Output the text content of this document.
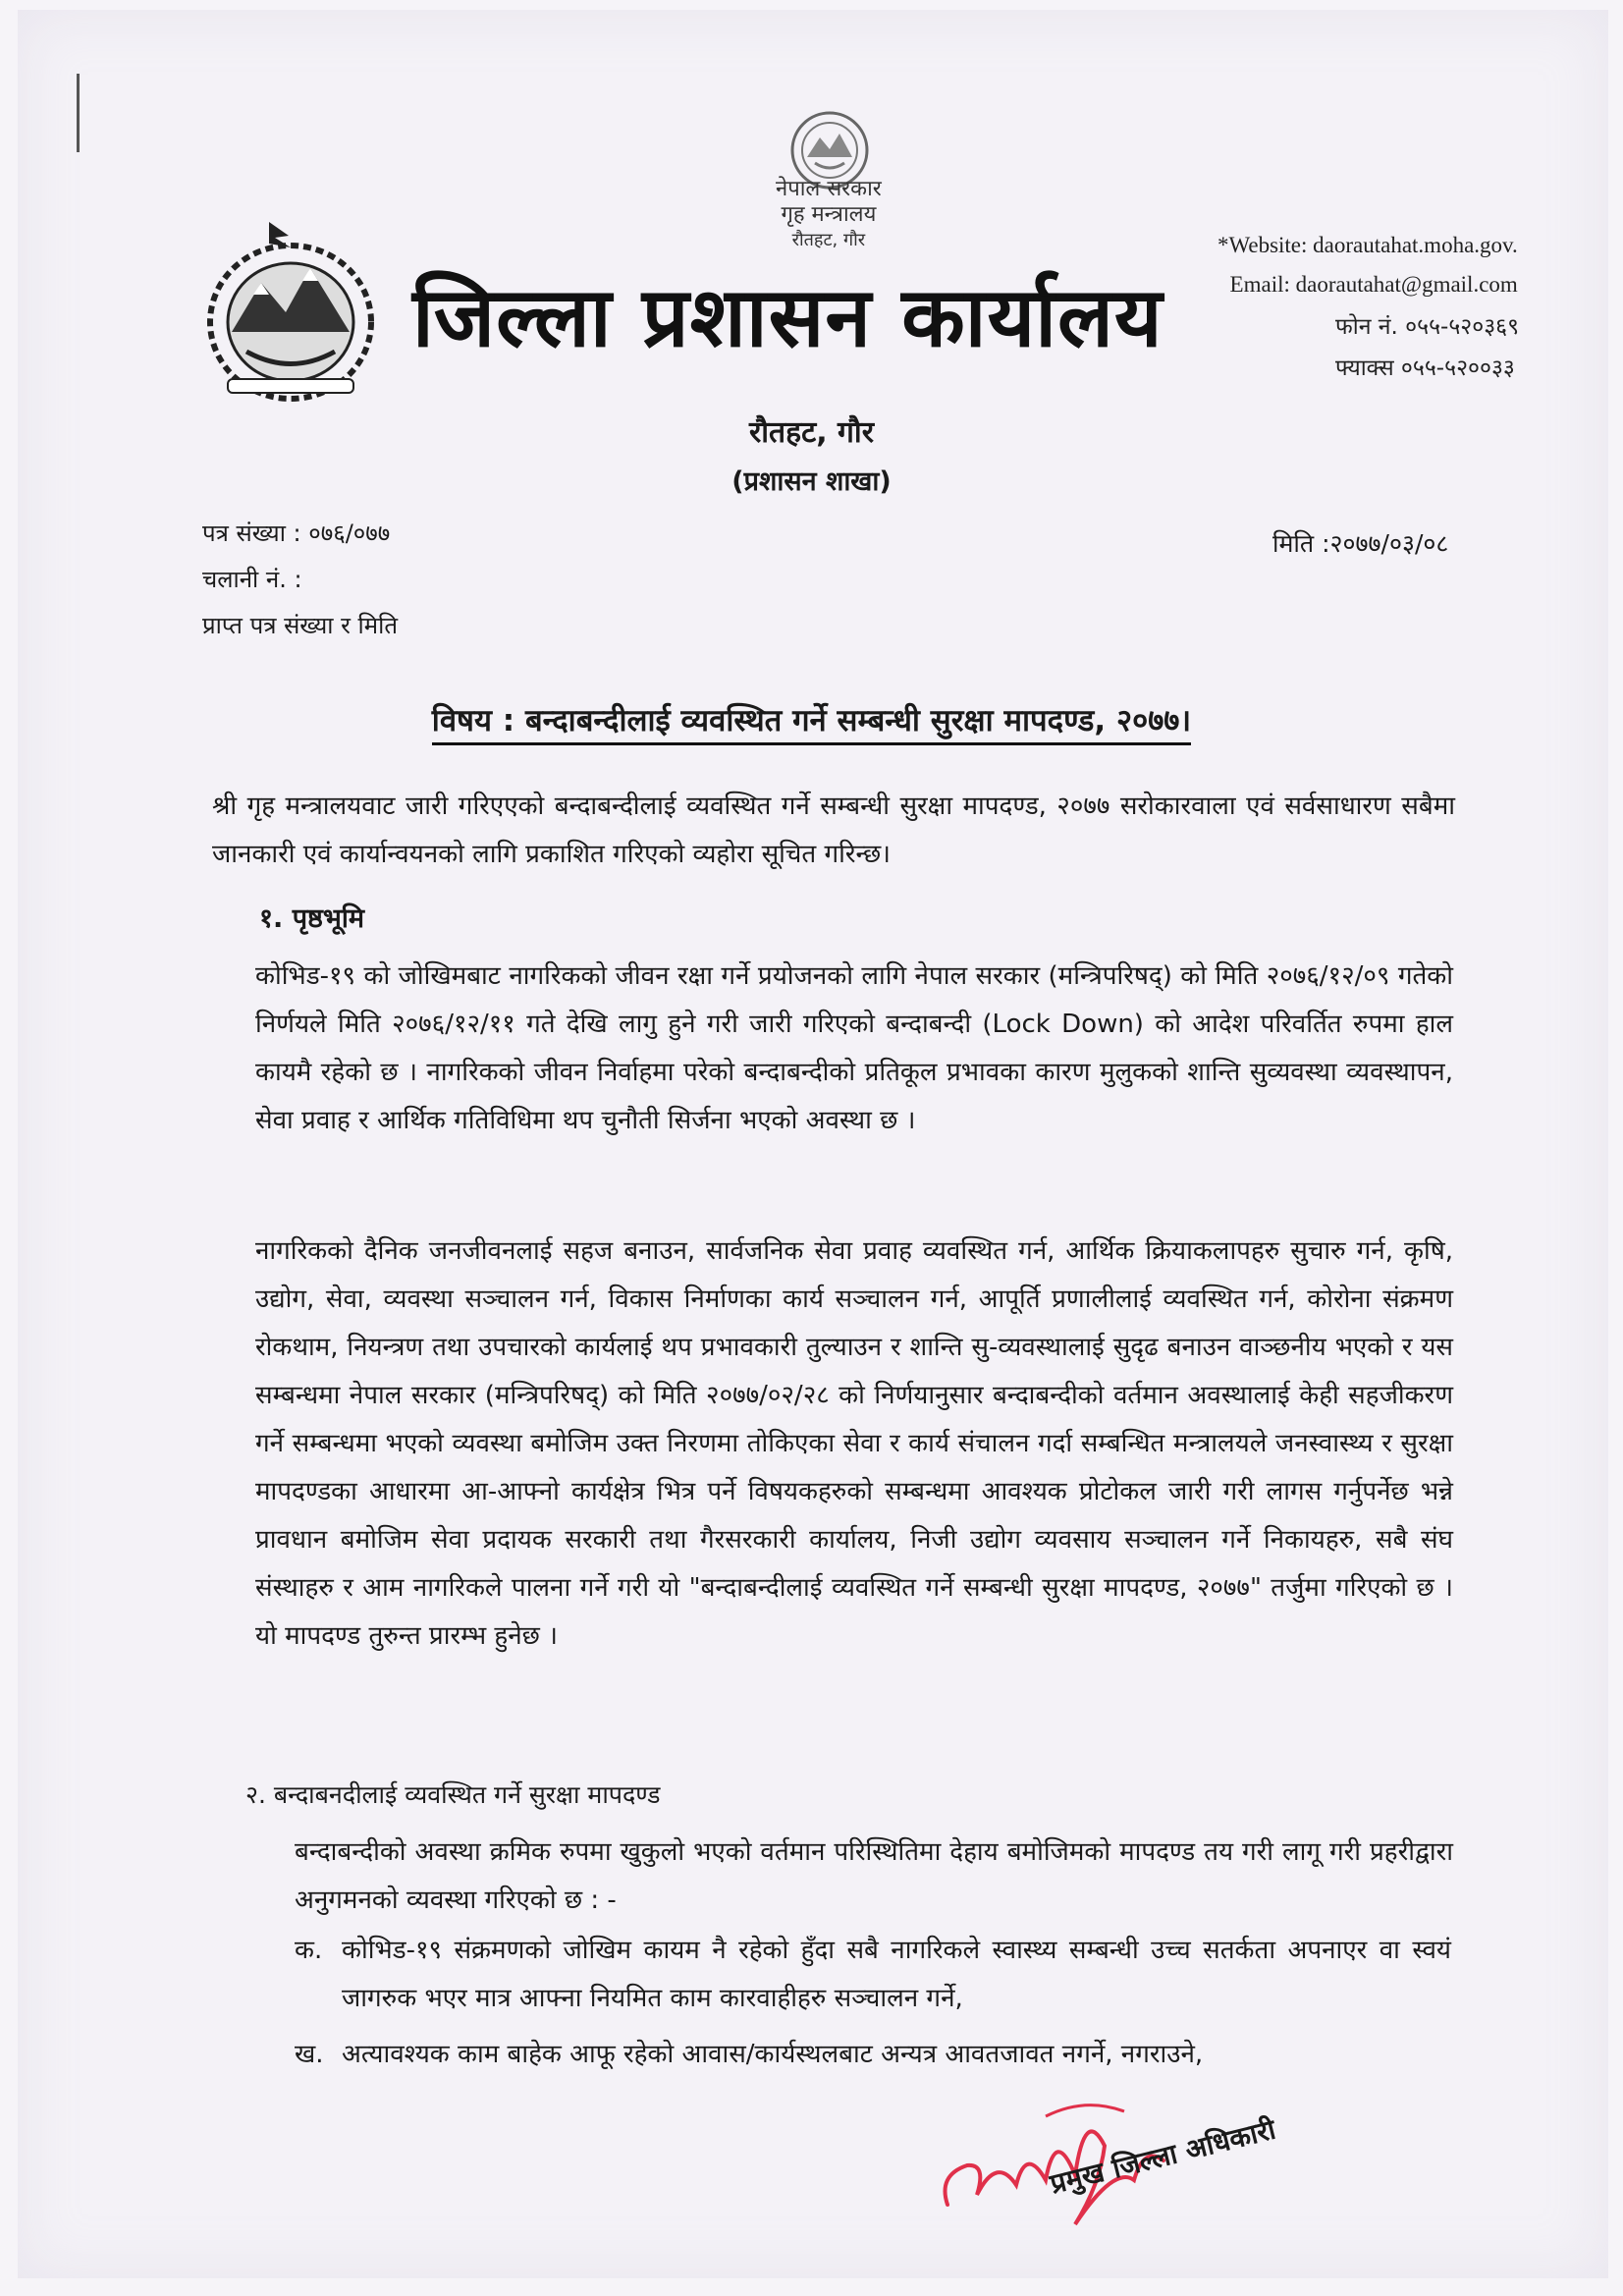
नेपाल सरकार
गृह मन्त्रालय
रौतहट, गौर
जिल्ला प्रशासन कार्यालय
*Website: daorautahat.moha.gov.
Email: daorautahat@gmail.com
फोन नं. ०५५-५२०३६९
फ्याक्स ०५५-५२००३३
रौतहट, गौर
(प्रशासन शाखा)
पत्र संख्या : ०७६/०७७
चलानी नं. :
प्राप्त पत्र संख्या र मिति
मिति :२०७७/०३/०८
विषय : बन्दाबन्दीलाई व्यवस्थित गर्ने सम्बन्धी सुरक्षा मापदण्ड, २०७७।
श्री गृह मन्त्रालयवाट जारी गरिएएको बन्दाबन्दीलाई व्यवस्थित गर्ने सम्बन्धी सुरक्षा मापदण्ड, २०७७ सरोकारवाला एवं सर्वसाधारण सबैमा जानकारी एवं कार्यान्वयनको लागि प्रकाशित गरिएको व्यहोरा सूचित गरिन्छ।
१. पृष्ठभूमि
कोभिड-१९ को जोखिमबाट नागरिकको जीवन रक्षा गर्ने प्रयोजनको लागि नेपाल सरकार (मन्त्रिपरिषद्) को मिति २०७६/१२/०९ गतेको निर्णयले मिति २०७६/१२/११ गते देखि लागु हुने गरी जारी गरिएको बन्दाबन्दी (Lock Down) को आदेश परिवर्तित रुपमा हाल कायमै रहेको छ । नागरिकको जीवन निर्वाहमा परेको बन्दाबन्दीको प्रतिकूल प्रभावका कारण मुलुकको शान्ति सुव्यवस्था व्यवस्थापन, सेवा प्रवाह र आर्थिक गतिविधिमा थप चुनौती सिर्जना भएको अवस्था छ ।
नागरिकको दैनिक जनजीवनलाई सहज बनाउन, सार्वजनिक सेवा प्रवाह व्यवस्थित गर्न, आर्थिक क्रियाकलापहरु सुचारु गर्न, कृषि, उद्योग, सेवा, व्यवस्था सञ्चालन गर्न, विकास निर्माणका कार्य सञ्चालन गर्न, आपूर्ति प्रणालीलाई व्यवस्थित गर्न, कोरोना संक्रमण रोकथाम, नियन्त्रण तथा उपचारको कार्यलाई थप प्रभावकारी तुल्याउन र शान्ति सु-व्यवस्थालाई सुदृढ बनाउन वाञ्छनीय भएको र यस सम्बन्धमा नेपाल सरकार (मन्त्रिपरिषद्) को मिति २०७७/०२/२८ को निर्णयानुसार बन्दाबन्दीको वर्तमान अवस्थालाई केही सहजीकरण गर्ने सम्बन्धमा भएको व्यवस्था बमोजिम उक्त निरणमा तोकिएका सेवा र कार्य संचालन गर्दा सम्बन्धित मन्त्रालयले जनस्वास्थ्य र सुरक्षा मापदण्डका आधारमा आ-आफ्नो कार्यक्षेत्र भित्र पर्ने विषयकहरुको सम्बन्धमा आवश्यक प्रोटोकल जारी गरी लागस गर्नुपर्नेछ भन्ने प्रावधान बमोजिम सेवा प्रदायक सरकारी तथा गैरसरकारी कार्यालय, निजी उद्योग व्यवसाय सञ्चालन गर्ने निकायहरु, सबै संघ संस्थाहरु र आम नागरिकले पालना गर्ने गरी यो "बन्दाबन्दीलाई व्यवस्थित गर्ने सम्बन्धी सुरक्षा मापदण्ड, २०७७" तर्जुमा गरिएको छ । यो मापदण्ड तुरुन्त प्रारम्भ हुनेछ ।
२. बन्दाबनदीलाई व्यवस्थित गर्ने सुरक्षा मापदण्ड
बन्दाबन्दीको अवस्था क्रमिक रुपमा खुकुलो भएको वर्तमान परिस्थितिमा देहाय बमोजिमको मापदण्ड तय गरी लागू गरी प्रहरीद्वारा अनुगमनको व्यवस्था गरिएको छ : -
क. कोभिड-१९ संक्रमणको जोखिम कायम नै रहेको हुँदा सबै नागरिकले स्वास्थ्य सम्बन्धी उच्च सतर्कता अपनाएर वा स्वयं जागरुक भएर मात्र आफ्ना नियमित काम कारवाहीहरु सञ्चालन गर्ने,
ख. अत्यावश्यक काम बाहेक आफू रहेको आवास/कार्यस्थलबाट अन्यत्र आवतजावत नगर्ने, नगराउने,
प्रमुख जिल्ला अधिकारी
